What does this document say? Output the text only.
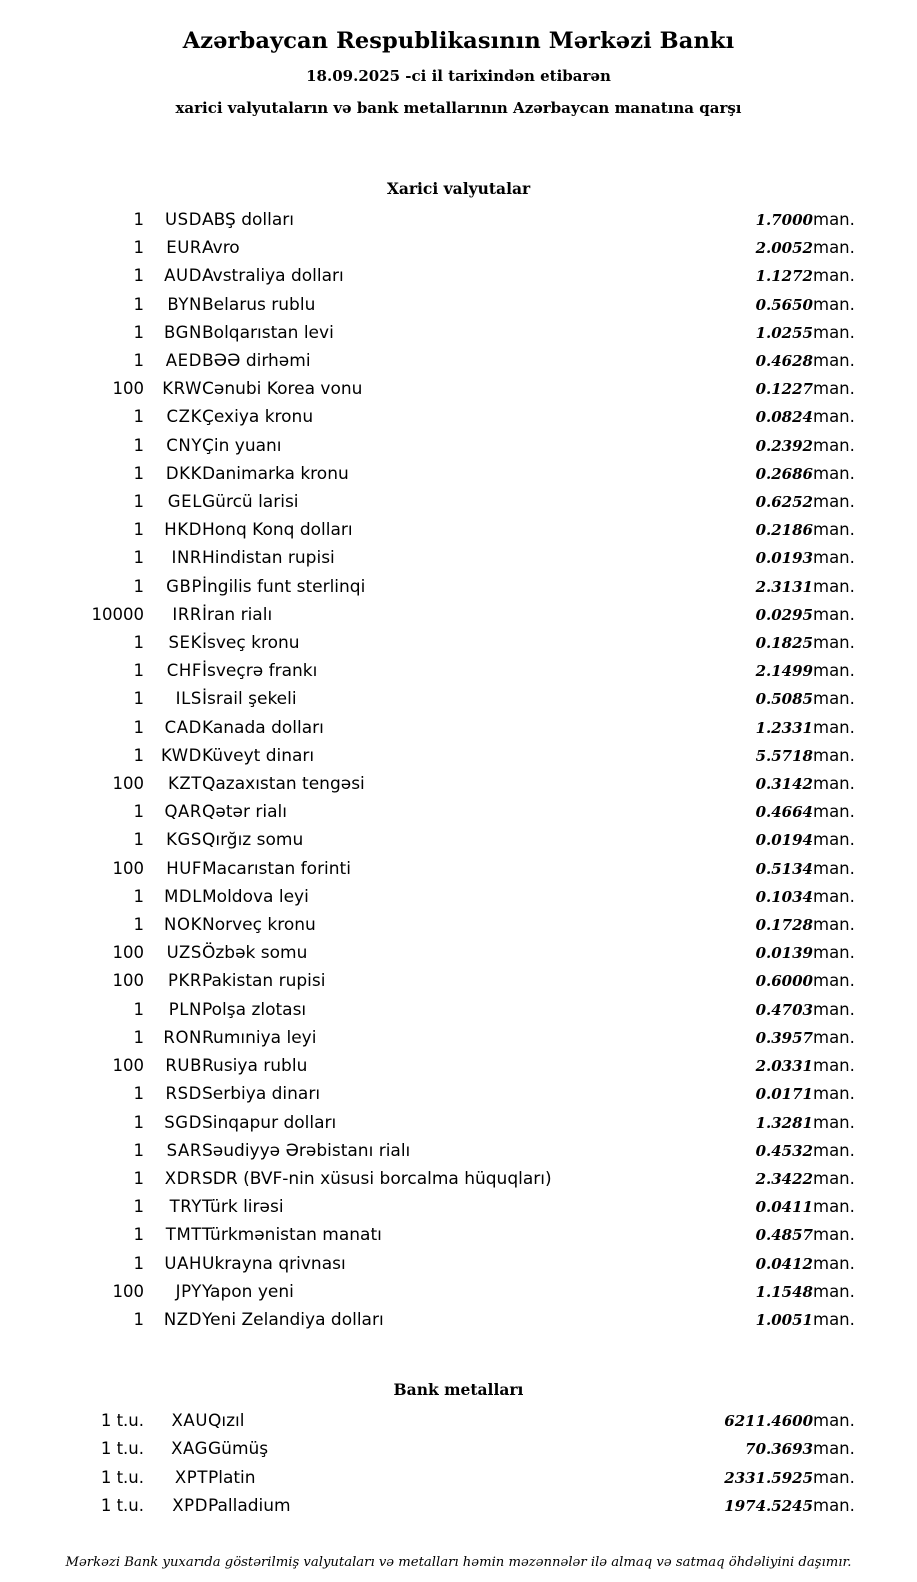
Azərbaycan Respublikasının Mərkəzi Bankı
18.09.2025 -ci il tarixindən etibarən
xarici valyutaların və bank metallarının Azərbaycan manatına qarşı
Xarici valyutalar
1	USD	ABŞ dolları	1.7000	man.
1	EUR	Avro	2.0052	man.
1	AUD	Avstraliya dolları	1.1272	man.
1	BYN	Belarus rublu	0.5650	man.
1	BGN	Bolqarıstan levi	1.0255	man.
1	AED	BƏƏ dirhəmi	0.4628	man.
100	KRW	Cənubi Korea vonu	0.1227	man.
1	CZK	Çexiya kronu	0.0824	man.
1	CNY	Çin yuanı	0.2392	man.
1	DKK	Danimarka kronu	0.2686	man.
1	GEL	Gürcü larisi	0.6252	man.
1	HKD	Honq Konq dolları	0.2186	man.
1	INR	Hindistan rupisi	0.0193	man.
1	GBP	İngilis funt sterlinqi	2.3131	man.
10000	IRR	İran rialı	0.0295	man.
1	SEK	İsveç kronu	0.1825	man.
1	CHF	İsveçrə frankı	2.1499	man.
1	ILS	İsrail şekeli	0.5085	man.
1	CAD	Kanada dolları	1.2331	man.
1	KWD	Küveyt dinarı	5.5718	man.
100	KZT	Qazaxıstan tengəsi	0.3142	man.
1	QAR	Qətər rialı	0.4664	man.
1	KGS	Qırğız somu	0.0194	man.
100	HUF	Macarıstan forinti	0.5134	man.
1	MDL	Moldova leyi	0.1034	man.
1	NOK	Norveç kronu	0.1728	man.
100	UZS	Özbək somu	0.0139	man.
100	PKR	Pakistan rupisi	0.6000	man.
1	PLN	Polşa zlotası	0.4703	man.
1	RON	Rumıniya leyi	0.3957	man.
100	RUB	Rusiya rublu	2.0331	man.
1	RSD	Serbiya dinarı	0.0171	man.
1	SGD	Sinqapur dolları	1.3281	man.
1	SAR	Səudiyyə Ərəbistanı rialı	0.4532	man.
1	XDR	SDR (BVF-nin xüsusi borcalma hüquqları)	2.3422	man.
1	TRY	Türk lirəsi	0.0411	man.
1	TMT	Türkmənistan manatı	0.4857	man.
1	UAH	Ukrayna qrivnası	0.0412	man.
100	JPY	Yapon yeni	1.1548	man.
1	NZD	Yeni Zelandiya dolları	1.0051	man.
Bank metalları
1 t.u.	XAU	Qızıl	6211.4600	man.
1 t.u.	XAG	Gümüş	70.3693	man.
1 t.u.	XPT	Platin	2331.5925	man.
1 t.u.	XPD	Palladium	1974.5245	man.
Mərkəzi Bank yuxarıda göstərilmiş valyutaları və metalları həmin məzənnələr ilə almaq və satmaq öhdəliyini daşımır.
